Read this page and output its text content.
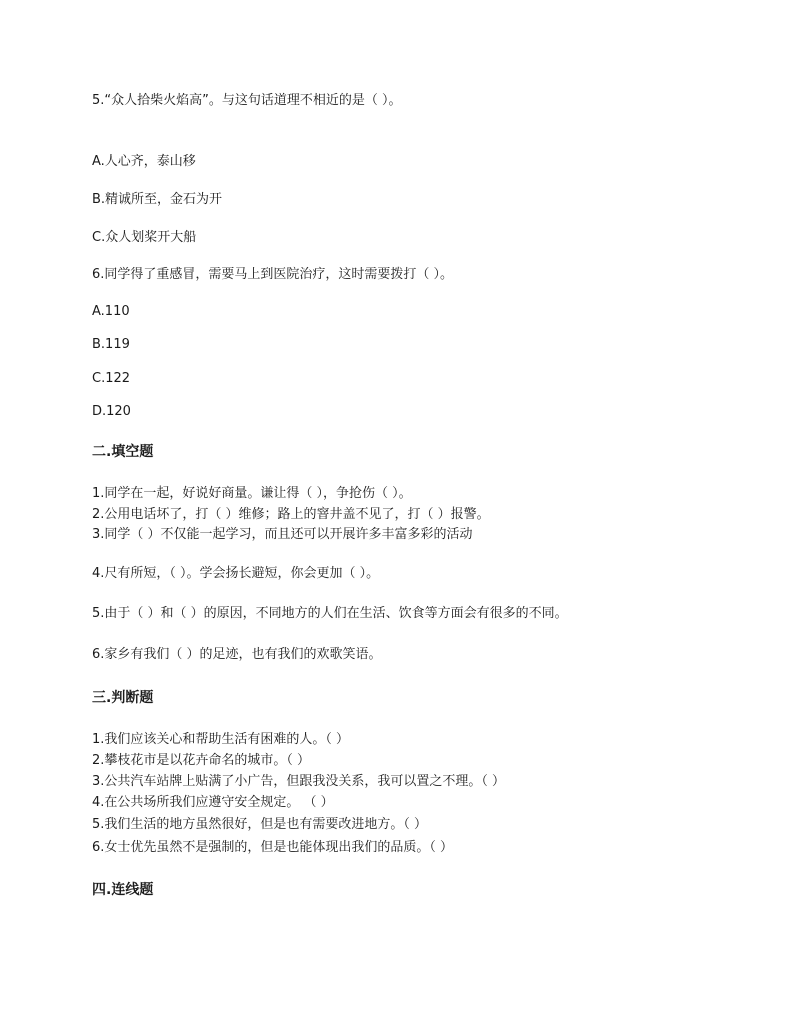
5.“众人拾柴火焰高”。与这句话道理不相近的是（ ）。
A.人心齐，泰山移
B.精诚所至，金石为开
C.众人划桨开大船
6.同学得了重感冒，需要马上到医院治疗，这时需要拨打（ ）。
A.110
B.119
C.122
D.120
二.填空题
1.同学在一起，好说好商量。谦让得（ ），争抢伤（ ）。
2.公用电话坏了，打（ ）维修；路上的窨井盖不见了，打（ ）报警。
3.同学（ ）不仅能一起学习，而且还可以开展许多丰富多彩的活动
4.尺有所短，（ ）。学会扬长避短，你会更加（ ）。
5.由于（ ）和（ ）的原因，不同地方的人们在生活、饮食等方面会有很多的不同。
6.家乡有我们（ ）的足迹，也有我们的欢歌笑语。
三.判断题
1.我们应该关心和帮助生活有困难的人。（ ）
2.攀枝花市是以花卉命名的城市。（ ）
3.公共汽车站牌上贴满了小广告，但跟我没关系，我可以置之不理。（ ）
4.在公共场所我们应遵守安全规定。 （ ）
5.我们生活的地方虽然很好，但是也有需要改进地方。（ ）
6.女士优先虽然不是强制的，但是也能体现出我们的品质。（ ）
四.连线题
